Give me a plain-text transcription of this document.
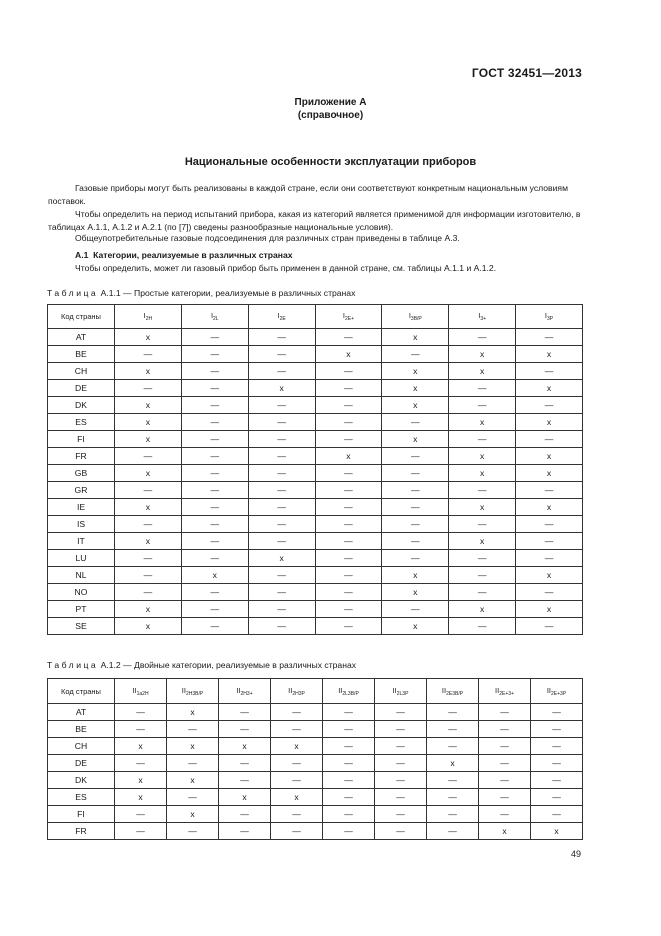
ГОСТ 32451—2013
Приложение А
(справочное)
Национальные особенности эксплуатации приборов
Газовые приборы могут быть реализованы в каждой стране, если они соответствуют конкретным национальным условиям поставок.
Чтобы определить на период испытаний прибора, какая из категорий является применимой для информации изготовителю, в таблицах А.1.1, А.1.2 и А.2.1 (по [7]) сведены разнообразные национальные условия).
Общеупотребительные газовые подсоединения для различных стран приведены в таблице А.3.
А.1 Категории, реализуемые в различных странах
Чтобы определить, может ли газовый прибор быть применен в данной стране, см. таблицы А.1.1 и А.1.2.
Таблица А.1.1 — Простые категории, реализуемые в различных странах
Код страны	$I_{2H}$	$I_{2L}$	$I_{2E}$	$I_{2E+}$	$I_{3B/P}$	$I_{3+}$	$I_{3P}$
AT	x	—	—	—	x	—	—
BE	—	—	—	x	—	x	x
CH	x	—	—	—	x	x	—
DE	—	—	x	—	x	—	x
DK	x	—	—	—	x	—	—
ES	x	—	—	—	—	x	x
FI	x	—	—	—	x	—	—
FR	—	—	—	x	—	x	x
GB	x	—	—	—	—	x	x
GR	—	—	—	—	—	—	—
IE	x	—	—	—	—	x	x
IS	—	—	—	—	—	—	—
IT	x	—	—	—	—	x	—
LU	—	—	x	—	—	—	—
NL	—	x	—	—	x	—	x
NO	—	—	—	—	x	—	—
PT	x	—	—	—	—	x	x
SE	x	—	—	—	x	—	—
Таблица А.1.2 — Двойные категории, реализуемые в различных странах
Код страны	$II_{1a2H}$	$II_{2H3B/P}$	$II_{2H3+}$	$II_{2H3P}$	$II_{2L3B/P}$	$II_{2L3P}$	$II_{2E3B/P}$	$II_{2E+3+}$	$II_{2E+3P}$
AT	—	x	—	—	—	—	—	—	—
BE	—	—	—	—	—	—	—	—	—
CH	x	x	x	x	—	—	—	—	—
DE	—	—	—	—	—	—	x	—	—
DK	x	x	—	—	—	—	—	—	—
ES	x	—	x	x	—	—	—	—	—
FI	—	x	—	—	—	—	—	—	—
FR	—	—	—	—	—	—	—	x	x
49
